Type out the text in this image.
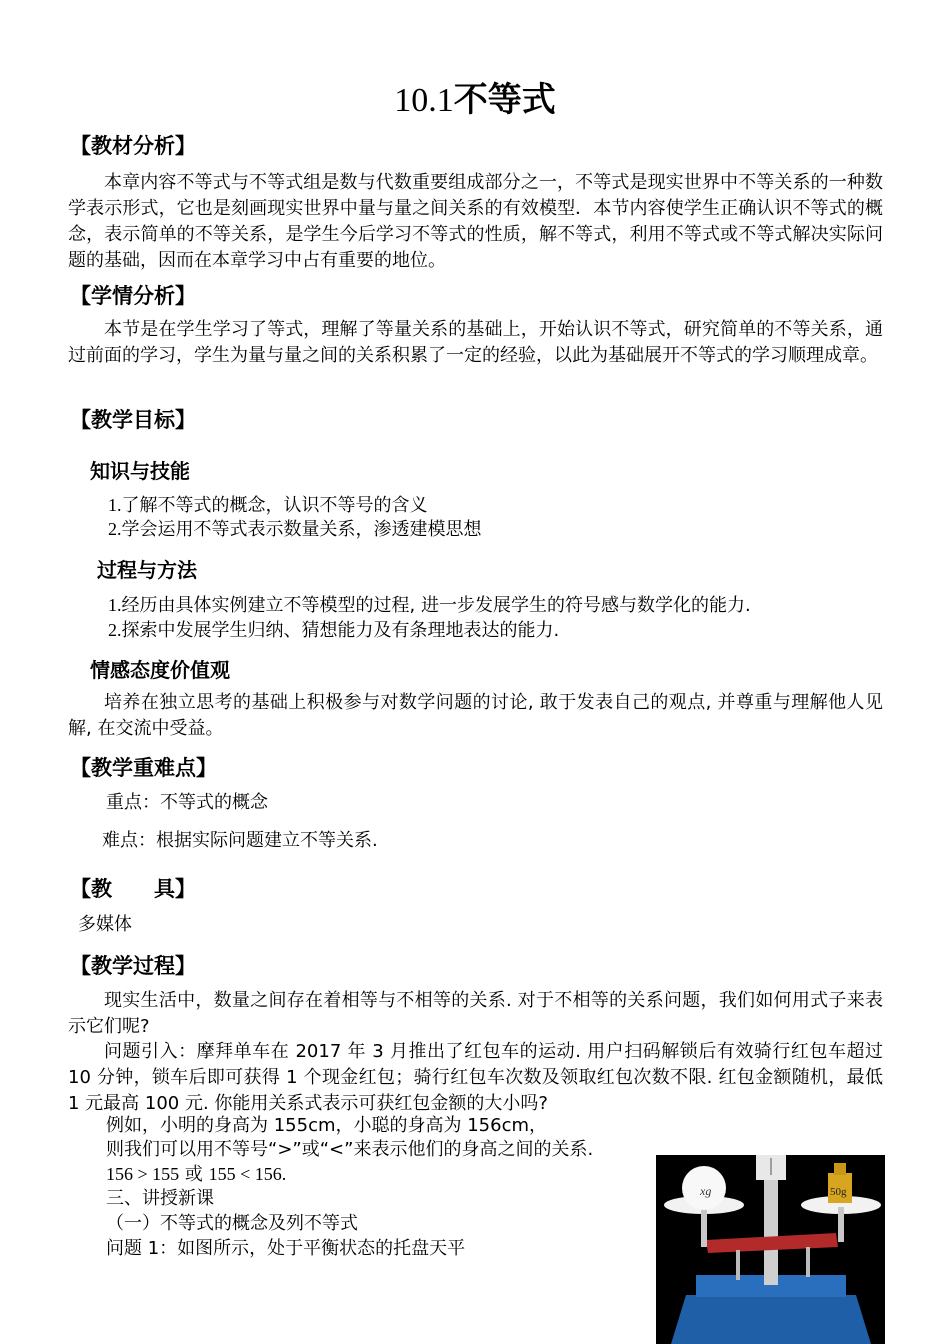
10.1不等式
【教材分析】
本章内容不等式与不等式组是数与代数重要组成部分之一，不等式是现实世界中不等关系的一种数学表示形式，它也是刻画现实世界中量与量之间关系的有效模型．本节内容使学生正确认识不等式的概念，表示简单的不等关系，是学生今后学习不等式的性质，解不等式，利用不等式或不等式解决实际问题的基础，因而在本章学习中占有重要的地位。
【学情分析】
本节是在学生学习了等式，理解了等量关系的基础上，开始认识不等式，研究简单的不等关系，通过前面的学习，学生为量与量之间的关系积累了一定的经验，以此为基础展开不等式的学习顺理成章。
【教学目标】
知识与技能
1.了解不等式的概念，认识不等号的含义
2.学会运用不等式表示数量关系，渗透建模思想
过程与方法
1.经历由具体实例建立不等模型的过程, 进一步发展学生的符号感与数学化的能力.
2.探索中发展学生归纳、猜想能力及有条理地表达的能力.
情感态度价值观
培养在独立思考的基础上积极参与对数学问题的讨论, 敢于发表自己的观点, 并尊重与理解他人见解, 在交流中受益。
【教学重难点】
重点：不等式的概念
难点：根据实际问题建立不等关系.
【教　　具】
多媒体
【教学过程】
现实生活中，数量之间存在着相等与不相等的关系. 对于不相等的关系问题，我们如何用式子来表示它们呢?
问题引入：摩拜单车在 2017 年 3 月推出了红包车的运动. 用户扫码解锁后有效骑行红包车超过 10 分钟，锁车后即可获得 1 个现金红包；骑行红包车次数及领取红包次数不限. 红包金额随机，最低 1 元最高 100 元. 你能用关系式表示可获红包金额的大小吗?
例如，小明的身高为 155cm，小聪的身高为 156cm，
则我们可以用不等号“>”或“<”来表示他们的身高之间的关系.
156 > 155 或 155 < 156.
三、讲授新课
（一）不等式的概念及列不等式
问题 1：如图所示，处于平衡状态的托盘天平
xg	50g
